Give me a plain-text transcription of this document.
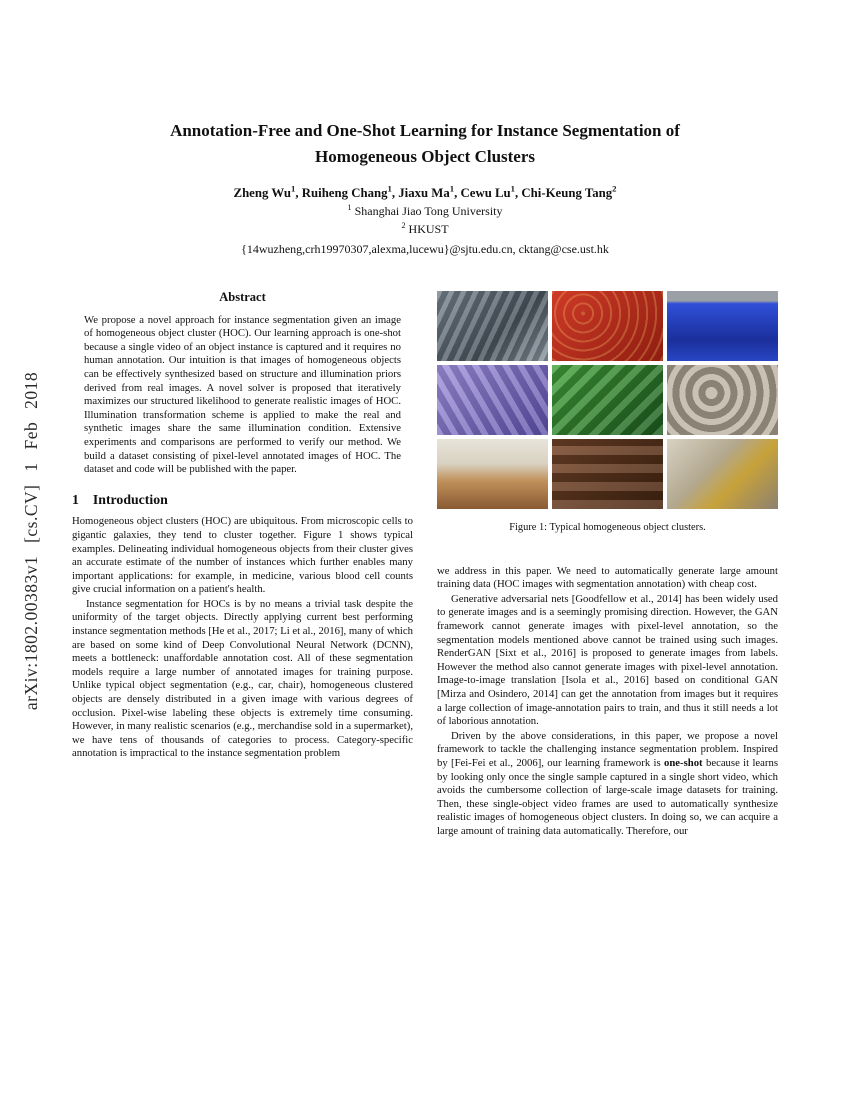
arXiv:1802.00383v1 [cs.CV] 1 Feb 2018
Annotation-Free and One-Shot Learning for Instance Segmentation of
Homogeneous Object Clusters
Zheng Wu$^1$, Ruiheng Chang$^1$, Jiaxu Ma$^1$, Cewu Lu$^1$, Chi-Keung Tang$^2$
$^1$ Shanghai Jiao Tong University
$^2$ HKUST
{14wuzheng,crh19970307,alexma,lucewu}@sjtu.edu.cn, cktang@cse.ust.hk
Abstract

We propose a novel approach for instance segmentation given an image of homogeneous object cluster (HOC). Our learning approach is one-shot because a single video of an object instance is captured and it requires no human annotation. Our intuition is that images of homogeneous objects can be effectively synthesized based on structure and illumination priors derived from real images. A novel solver is proposed that iteratively maximizes our structured likelihood to generate realistic images of HOC. Illumination transformation scheme is applied to make the real and synthetic images share the same illumination condition. Extensive experiments and comparisons are performed to verify our method. We build a dataset consisting of pixel-level annotated images of HOC. The dataset and code will be published with the paper.

1 Introduction

Homogeneous object clusters (HOC) are ubiquitous. From microscopic cells to gigantic galaxies, they tend to cluster together. Figure 1 shows typical examples. Delineating individual homogeneous objects from their cluster gives an accurate estimate of the number of instances which further enables many important applications: for example, in medicine, various blood cell counts give crucial information on a patient's health.

Instance segmentation for HOCs is by no means a trivial task despite the uniformity of the target objects. Directly applying current best performing instance segmentation methods [He et al., 2017; Li et al., 2016], many of which are based on some kind of Deep Convolutional Neural Network (DCNN), meets a bottleneck: unaffordable annotation cost. All of these segmentation models require a large number of annotated images for training purpose. Unlike typical object segmentation (e.g., car, chair), homogeneous clustered objects are densely distributed in a given image with various degrees of occlusion. Pixel-wise labeling these objects is extremely time consuming. However, in many realistic scenarios (e.g., merchandise sold in a supermarket), we have tens of thousands of categories to process. Category-specific annotation is impractical to the instance segmentation problem

Figure 1: Typical homogeneous object clusters.

we address in this paper. We need to automatically generate large amount training data (HOC images with segmentation annotation) with cheap cost.

Generative adversarial nets [Goodfellow et al., 2014] has been widely used to generate images and is a seemingly promising direction. However, the GAN framework cannot generate images with pixel-level annotation, so the segmentation models mentioned above cannot be trained using such images. RenderGAN [Sixt et al., 2016] is proposed to generate images from labels. However the method also cannot generate images with pixel-level annotation. Image-to-image translation [Isola et al., 2016] based on conditional GAN [Mirza and Osindero, 2014] can get the annotation from images but it requires a large collection of image-annotation pairs to train, and thus it still needs a lot of laborious annotation.

Driven by the above considerations, in this paper, we propose a novel framework to tackle the challenging instance segmentation problem. Inspired by [Fei-Fei et al., 2006], our learning framework is one-shot because it learns by looking only once the single sample captured in a single short video, which avoids the cumbersome collection of large-scale image datasets for training. Then, these single-object video frames are used to automatically synthesize realistic images of homogeneous object clusters. In doing so, we can acquire a large amount of training data automatically. Therefore, our
